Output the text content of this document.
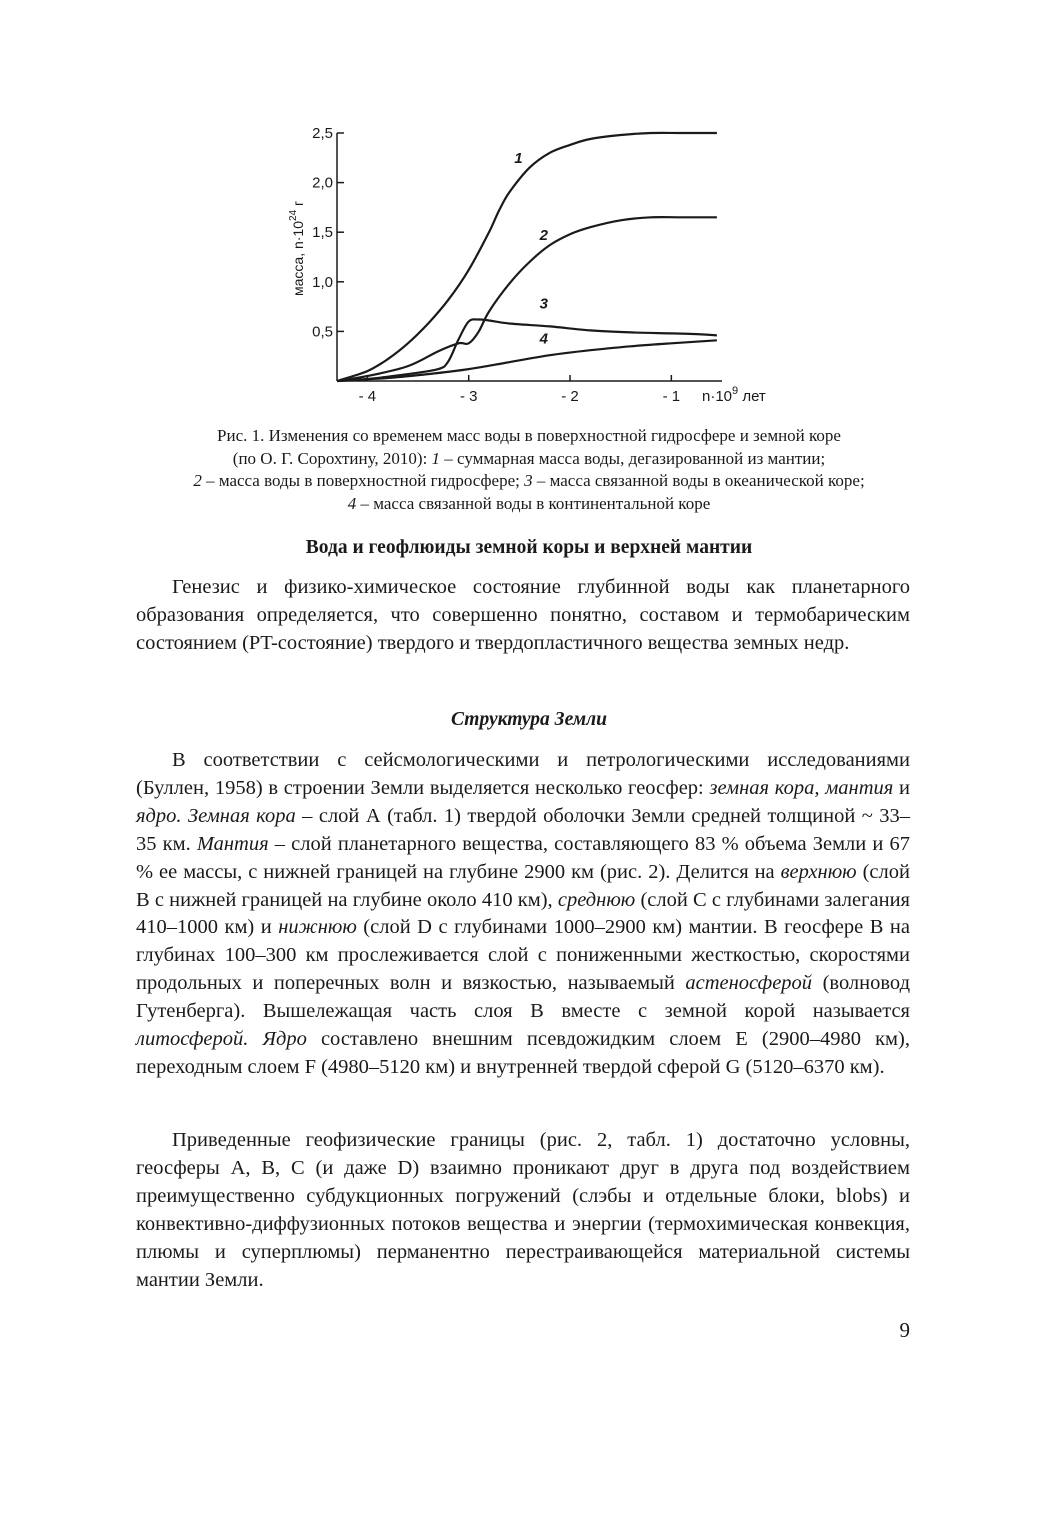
0,5
1,0
1,5
2,0
2,5
- 4	- 3	- 2	- 1 $n\cdot 10^9$ лет
масса, $n\cdot 10^{24}$ г
1
2
3
4

Рис. 1. Изменения со временем масс воды в поверхностной гидросфере и земной коре

(по О. Г. Сорохтину, 2010): 1 – суммарная масса воды, дегазированной из мантии;

2 – масса воды в поверхностной гидросфере; 3 – масса связанной воды в океанической коре;

4 – масса связанной воды в континентальной коре

Вода и геофлюиды земной коры и верхней мантии

Генезис и физико-химическое состояние глубинной воды как планетарного образования определяется, что совершенно понятно, составом и термобарическим состоянием (PT-состояние) твердого и твердопластичного вещества земных недр.

Структура Земли

В соответствии с сейсмологическими и петрологическими исследованиями (Буллен, 1958) в строении Земли выделяется несколько геосфер: земная кора, мантия и ядро. Земная кора – слой А (табл. 1) твердой оболочки Земли средней толщиной ~ 33–35 км. Мантия – слой планетарного вещества, составляющего 83 % объема Земли и 67 % ее массы, с нижней границей на глубине 2900 км (рис. 2). Делится на верхнюю (слой В с нижней границей на глубине около 410 км), среднюю (слой С с глубинами залегания 410–1000 км) и нижнюю (слой D с глубинами 1000–2900 км) мантии. В геосфере В на глубинах 100–300 км прослеживается слой с пониженными жесткостью, скоростями продольных и поперечных волн и вязкостью, называемый астеносферой (волновод Гутенберга). Вышележащая часть слоя В вместе с земной корой называется литосферой. Ядро составлено внешним псевдожидким слоем E (2900–4980 км), переходным слоем F (4980–5120 км) и внутренней твердой сферой G (5120–6370 км).

Приведенные геофизические границы (рис. 2, табл. 1) достаточно условны, геосферы A, B, C (и даже D) взаимно проникают друг в друга под воздействием преимущественно субдукционных погружений (слэбы и отдельные блоки, blobs) и конвективно-диффузионных потоков вещества и энергии (термохимическая конвекция, плюмы и суперплюмы) перманентно перестраивающейся материальной системы мантии Земли.

9
